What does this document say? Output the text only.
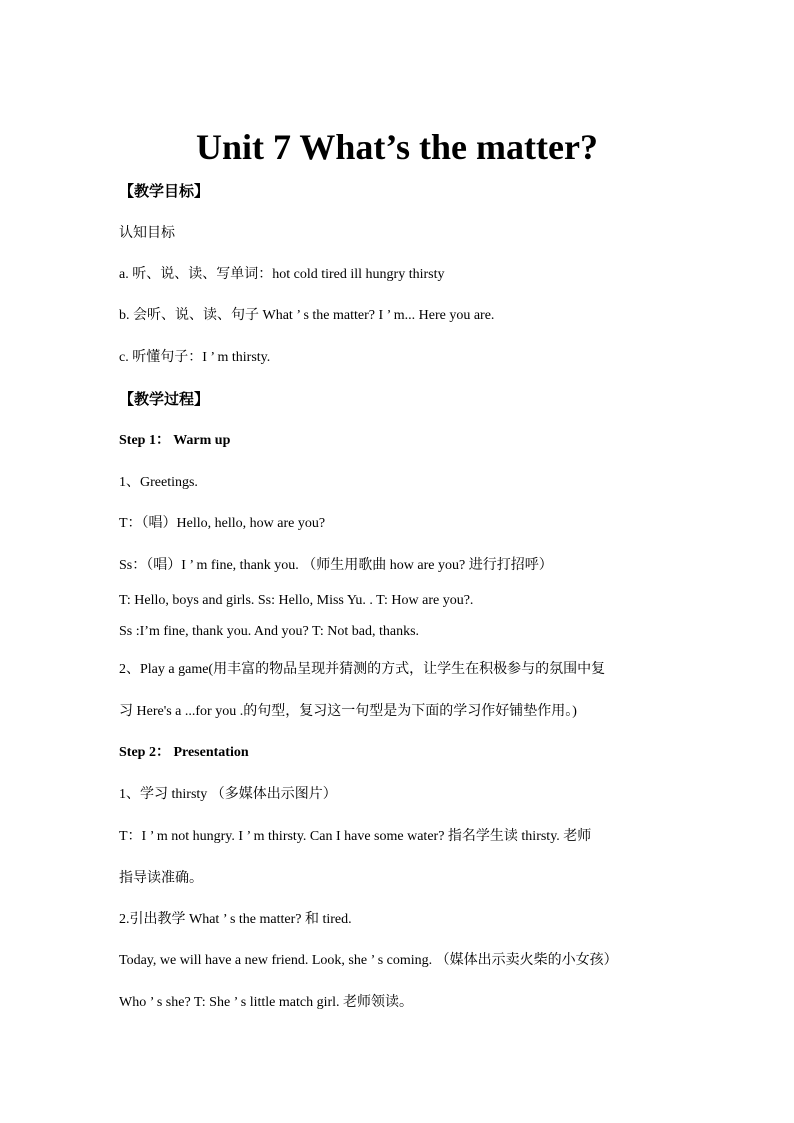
Unit 7 What’s the matter?
【教学目标】
认知目标
a. 听、说、读、写单词：hot cold tired ill hungry thirsty
b. 会听、说、读、句子 What ’ s the matter? I ’ m... Here you are.
c. 听懂句子：I ’ m thirsty.
【教学过程】
Step 1： Warm up
1、Greetings.
T：（唱）Hello, hello, how are you?
Ss：（唱）I ’ m fine, thank you. （师生用歌曲 how are you? 进行打招呼）
T: Hello, boys and girls. Ss: Hello, Miss Yu. . T: How are you?.
Ss :I’m fine, thank you. And you? T: Not bad, thanks.
2、Play a game(用丰富的物品呈现并猜测的方式，让学生在积极参与的氛围中复
习 Here's a ...for you .的句型，复习这一句型是为下面的学习作好铺垫作用。)
Step 2： Presentation
1、学习 thirsty （多媒体出示图片）
T：I ’ m not hungry. I ’ m thirsty. Can I have some water? 指名学生读 thirsty. 老师
指导读准确。
2.引出教学 What ’ s the matter? 和 tired.
Today, we will have a new friend. Look, she ’ s coming. （媒体出示卖火柴的小女孩）
Who ’ s she? T: She ’ s little match girl. 老师领读。
